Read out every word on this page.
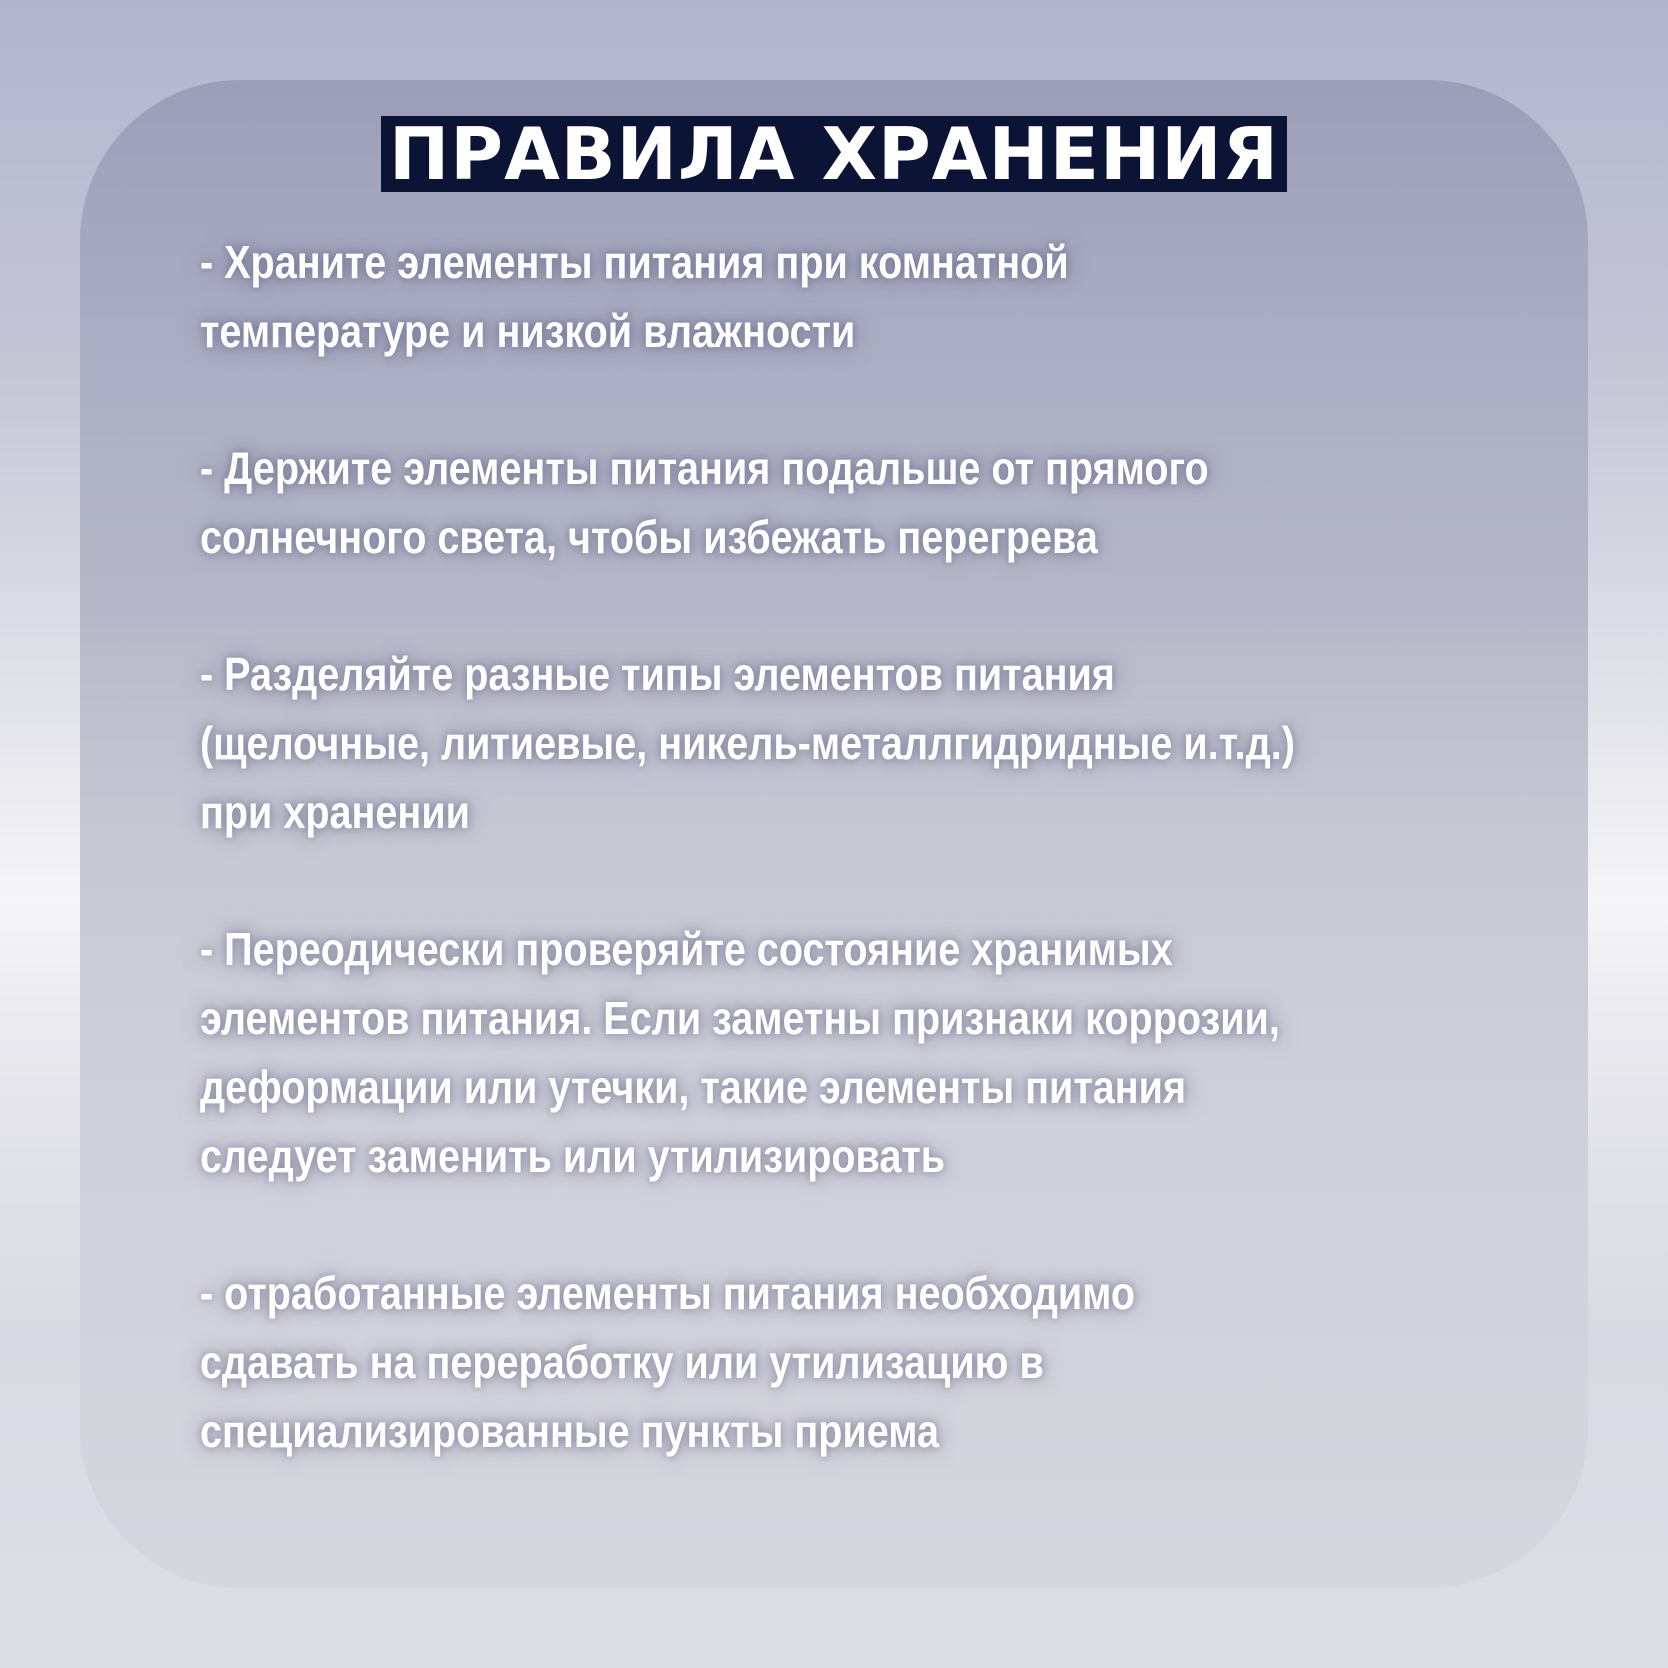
ПРАВИЛА ХРАНЕНИЯ
- Храните элементы питания при комнатной
температуре и низкой влажности
- Держите элементы питания подальше от прямого
солнечного света, чтобы избежать перегрева
- Разделяйте разные типы элементов питания
(щелочные, литиевые, никель-металлгидридные и.т.д.)
при хранении
- Переодически проверяйте состояние хранимых
элементов питания. Если заметны признаки коррозии,
деформации или утечки, такие элементы питания
следует заменить или утилизировать
- отработанные элементы питания необходимо
сдавать на переработку или утилизацию в
специализированные пункты приема
